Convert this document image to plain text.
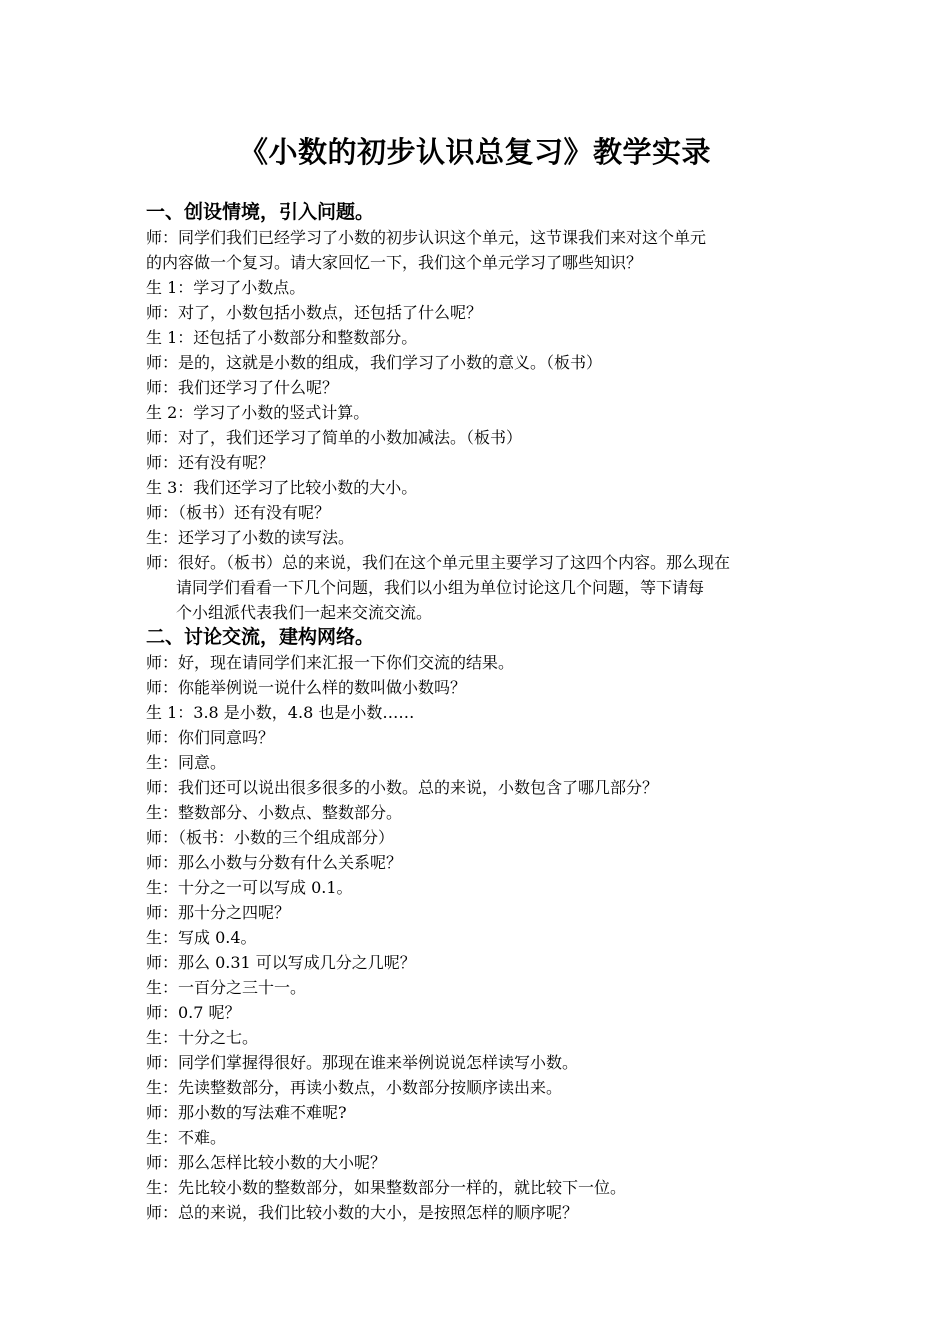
《小数的初步认识总复习》教学实录
一、创设情境，引入问题。
师：同学们我们已经学习了小数的初步认识这个单元，这节课我们来对这个单元
的内容做一个复习。请大家回忆一下，我们这个单元学习了哪些知识？
生 1：学习了小数点。
师：对了，小数包括小数点，还包括了什么呢？
生 1：还包括了小数部分和整数部分。
师：是的，这就是小数的组成，我们学习了小数的意义。（板书）
师：我们还学习了什么呢？
生 2：学习了小数的竖式计算。
师：对了，我们还学习了简单的小数加减法。（板书）
师：还有没有呢？
生 3：我们还学习了比较小数的大小。
师：（板书）还有没有呢？
生：还学习了小数的读写法。
师：很好。（板书）总的来说，我们在这个单元里主要学习了这四个内容。那么现在
请同学们看看一下几个问题，我们以小组为单位讨论这几个问题，等下请每
个小组派代表我们一起来交流交流。
二、讨论交流，建构网络。
师：好，现在请同学们来汇报一下你们交流的结果。
师：你能举例说一说什么样的数叫做小数吗？
生 1：3.8 是小数，4.8 也是小数……
师：你们同意吗？
生：同意。
师：我们还可以说出很多很多的小数。总的来说，小数包含了哪几部分？
生：整数部分、小数点、整数部分。
师：（板书：小数的三个组成部分）
师：那么小数与分数有什么关系呢？
生：十分之一可以写成 0.1。
师：那十分之四呢？
生：写成 0.4。
师：那么 0.31 可以写成几分之几呢？
生：一百分之三十一。
师：0.7 呢？
生：十分之七。
师：同学们掌握得很好。那现在谁来举例说说怎样读写小数。
生：先读整数部分，再读小数点，小数部分按顺序读出来。
师：那小数的写法难不难呢?
生：不难。
师：那么怎样比较小数的大小呢？
生：先比较小数的整数部分，如果整数部分一样的，就比较下一位。
师：总的来说，我们比较小数的大小，是按照怎样的顺序呢？
